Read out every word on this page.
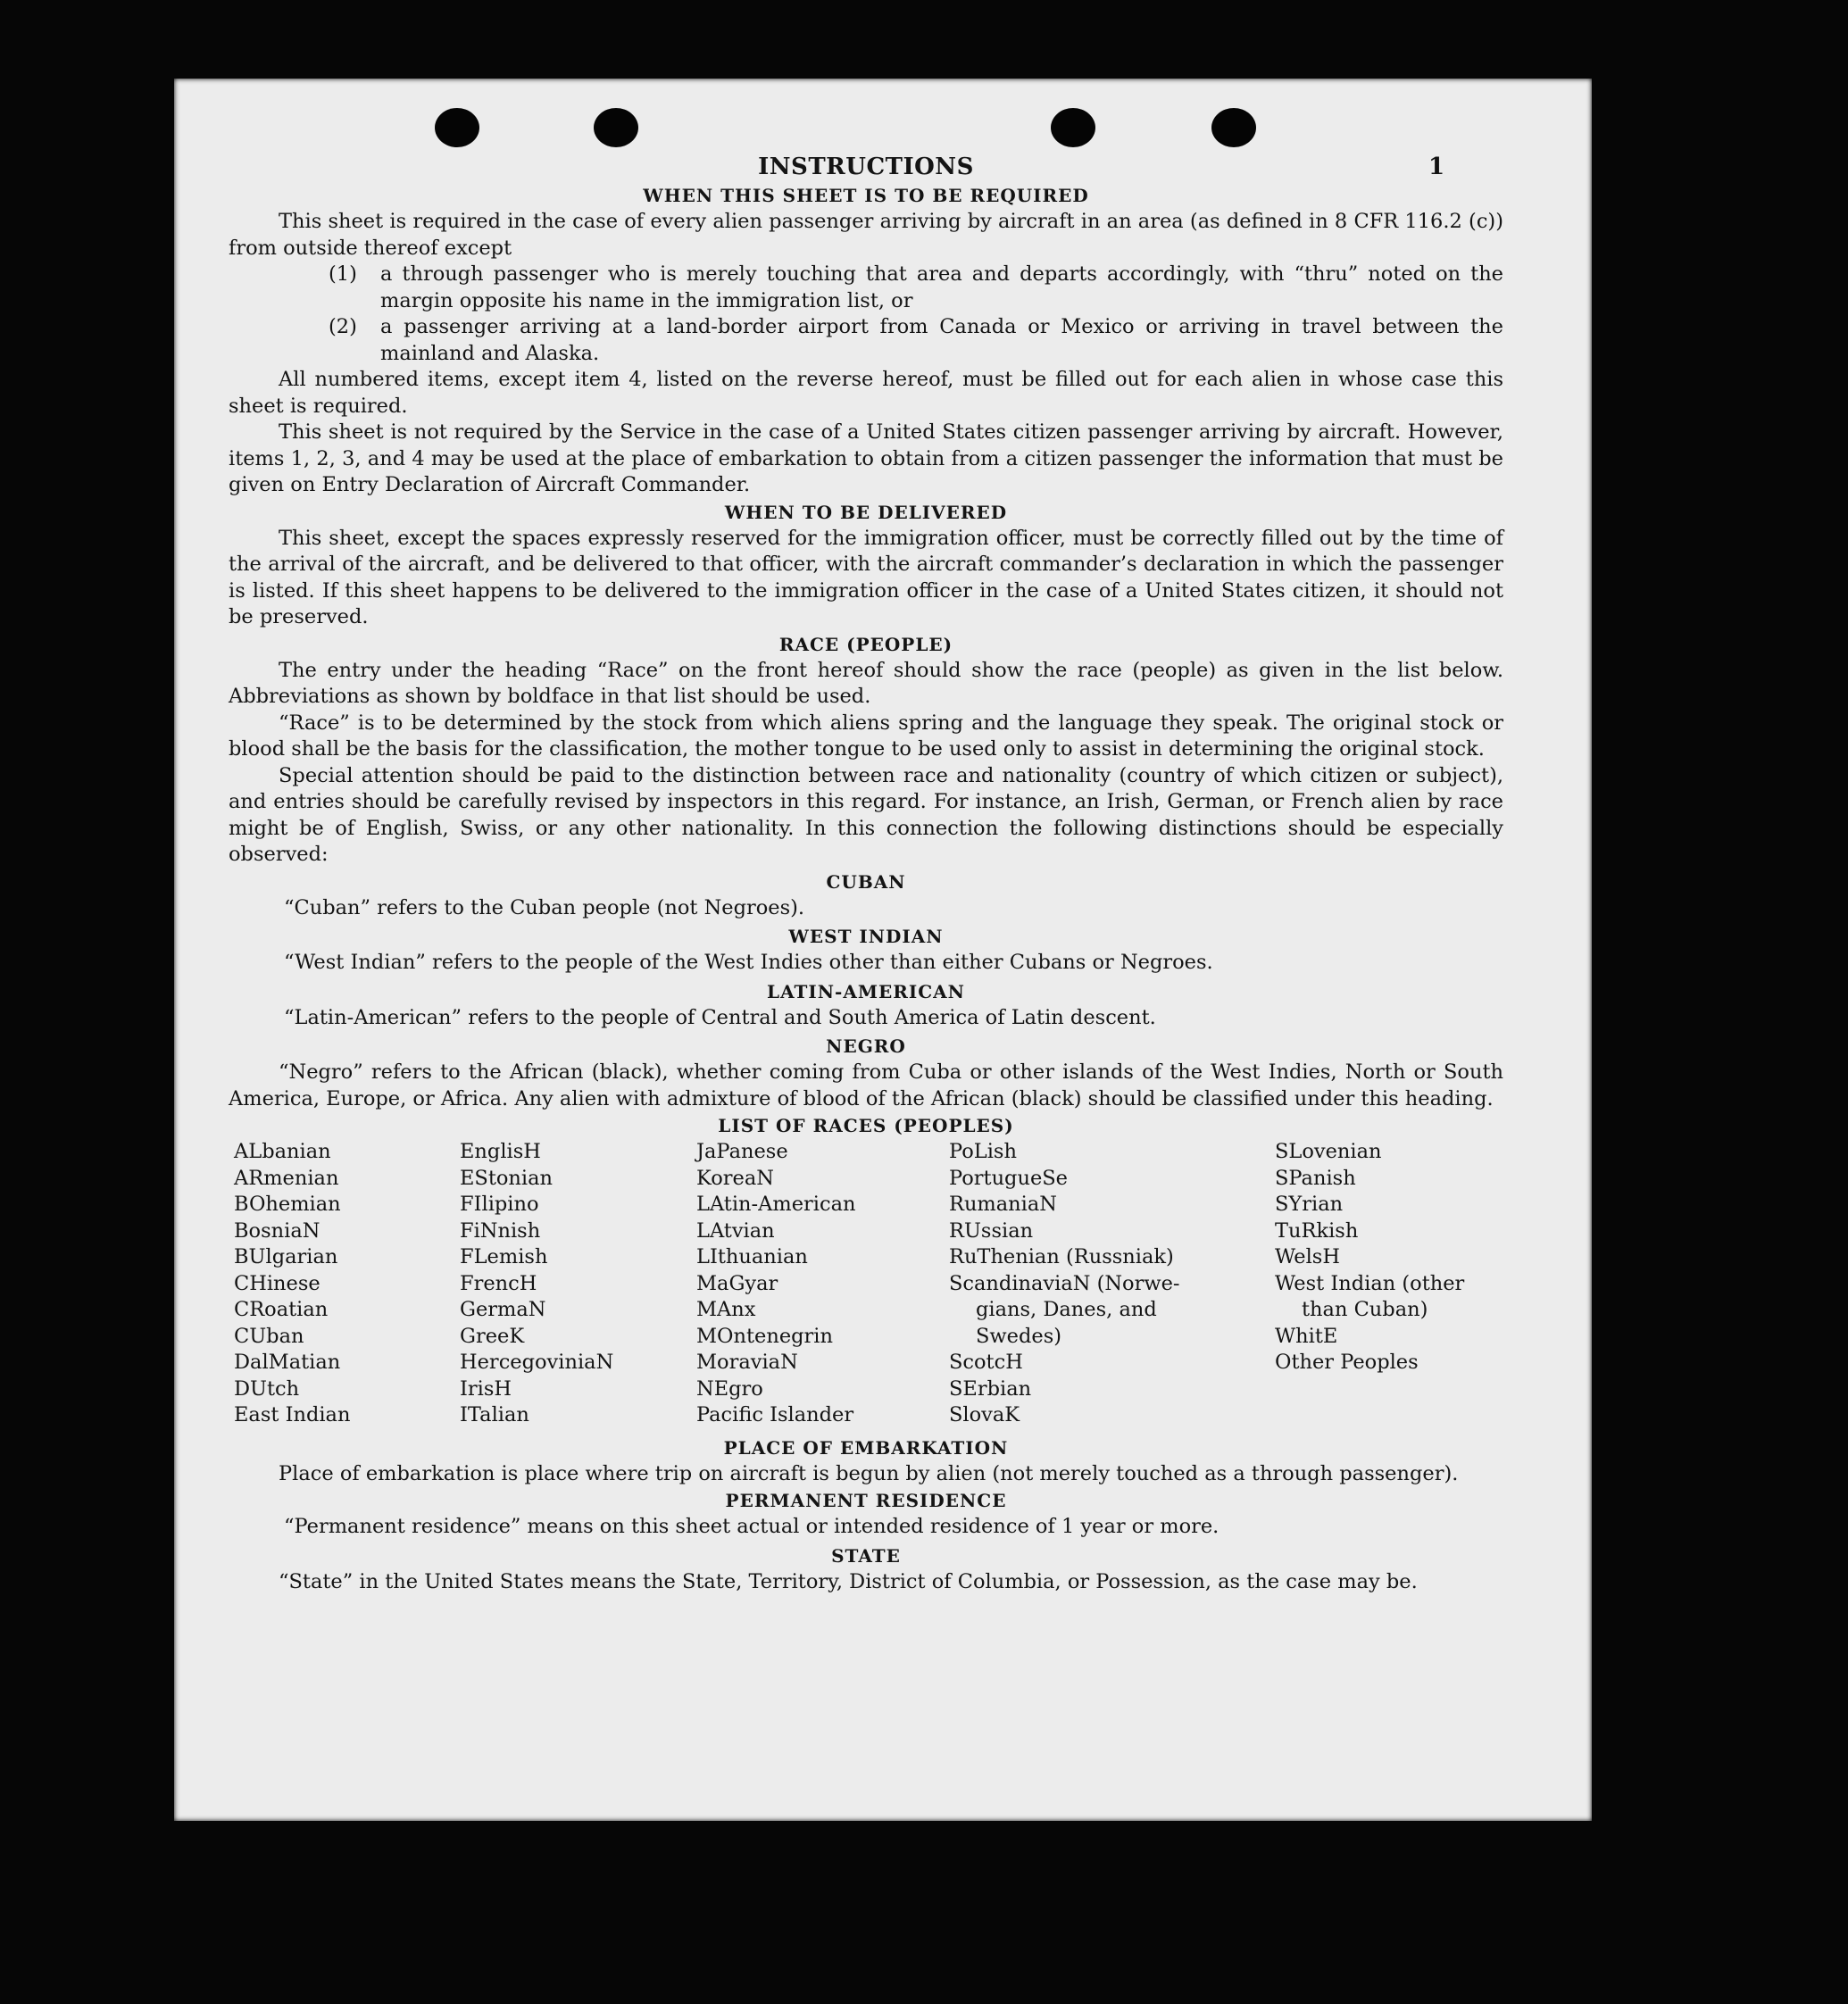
1
INSTRUCTIONS
WHEN THIS SHEET IS TO BE REQUIRED

This sheet is required in the case of every alien passenger arriving by aircraft in an area (as defined in 8 CFR 116.2 (c)) from outside thereof except

(1)	a through passenger who is merely touching that area and departs accordingly, with “thru” noted on the margin opposite his name in the immigration list, or
(2)	a passenger arriving at a land-border airport from Canada or Mexico or arriving in travel between the mainland and Alaska.

All numbered items, except item 4, listed on the reverse hereof, must be filled out for each alien in whose case this sheet is required.

This sheet is not required by the Service in the case of a United States citizen passenger arriving by aircraft. However, items 1, 2, 3, and 4 may be used at the place of embarkation to obtain from a citizen passenger the information that must be given on Entry Declaration of Aircraft Commander.

WHEN TO BE DELIVERED

This sheet, except the spaces expressly reserved for the immigration officer, must be correctly filled out by the time of the arrival of the aircraft, and be delivered to that officer, with the aircraft commander’s declaration in which the passenger is listed. If this sheet happens to be delivered to the immigration officer in the case of a United States citizen, it should not be preserved.

RACE (PEOPLE)

The entry under the heading “Race” on the front hereof should show the race (people) as given in the list below. Abbreviations as shown by boldface in that list should be used.

“Race” is to be determined by the stock from which aliens spring and the language they speak. The original stock or blood shall be the basis for the classification, the mother tongue to be used only to assist in determining the original stock.

Special attention should be paid to the distinction between race and nationality (country of which citizen or subject), and entries should be carefully revised by inspectors in this regard. For instance, an Irish, German, or French alien by race might be of English, Swiss, or any other nationality. In this connection the following distinctions should be especially observed:

CUBAN
“Cuban” refers to the Cuban people (not Negroes).
WEST INDIAN
“West Indian” refers to the people of the West Indies other than either Cubans or Negroes.
LATIN-AMERICAN
“Latin-American” refers to the people of Central and South America of Latin descent.
NEGRO

“Negro” refers to the African (black), whether coming from Cuba or other islands of the West Indies, North or South America, Europe, or Africa. Any alien with admixture of blood of the African (black) should be classified under this heading.

LIST OF RACES (PEOPLES)
ALbanian
ARmenian
BOhemian
BosniaN
BUlgarian
CHinese
CRoatian
CUban
DalMatian
DUtch
East Indian
EnglisH
EStonian
FIlipino
FiNnish
FLemish
FrencH
GermaN
GreeK
HercegoviniaN
IrisH
ITalian
JaPanese
KoreaN
LAtin-American
LAtvian
LIthuanian
MaGyar
MAnx
MOntenegrin
MoraviaN
NEgro
Pacific Islander
PoLish
PortugueSe
RumaniaN
RUssian
RuThenian (Russniak)
ScandinaviaN (Norwe-
gians, Danes, and
Swedes)
ScotcH
SErbian
SlovaK
SLovenian
SPanish
SYrian
TuRkish
WelsH
West Indian (other
than Cuban)
WhitE
Other Peoples
PLACE OF EMBARKATION

Place of embarkation is place where trip on aircraft is begun by alien (not merely touched as a through passenger).

PERMANENT RESIDENCE
“Permanent residence” means on this sheet actual or intended residence of 1 year or more.
STATE

“State” in the United States means the State, Territory, District of Columbia, or Possession, as the case may be.
